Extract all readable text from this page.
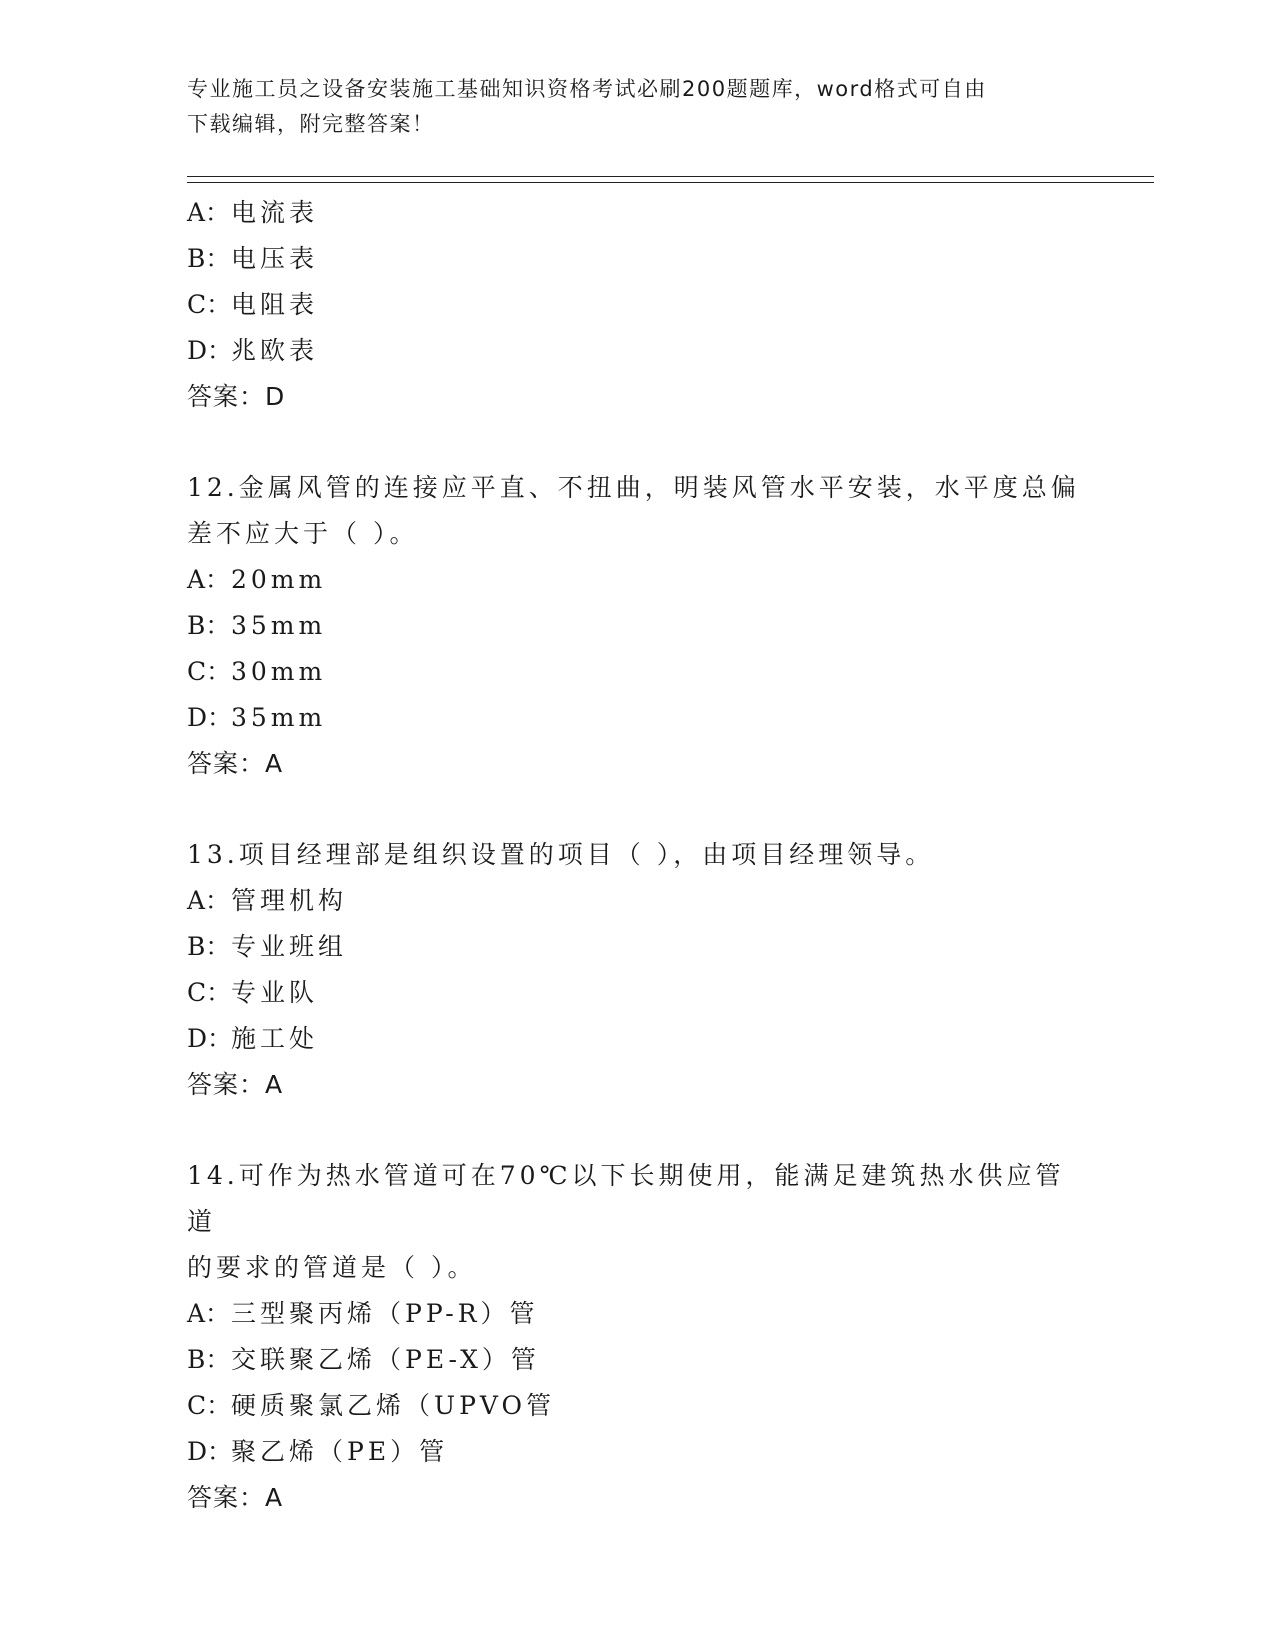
专业施工员之设备安装施工基础知识资格考试必刷200题题库，word格式可自由
下载编辑，附完整答案！
A：电流表
B：电压表
C：电阻表
D：兆欧表
答案：D
12.金属风管的连接应平直、不扭曲，明装风管水平安装，水平度总偏
差不应大于（ ）。
A：20mm
B：35mm
C：30mm
D：35mm
答案：A
13.项目经理部是组织设置的项目（ ），由项目经理领导。
A：管理机构
B：专业班组
C：专业队
D：施工处
答案：A
14.可作为热水管道可在70℃以下长期使用，能满足建筑热水供应管道
的要求的管道是（ ）。
A：三型聚丙烯（PP-R）管
B：交联聚乙烯（PE-X）管
C：硬质聚氯乙烯（UPVO管
D：聚乙烯（PE）管
答案：A
